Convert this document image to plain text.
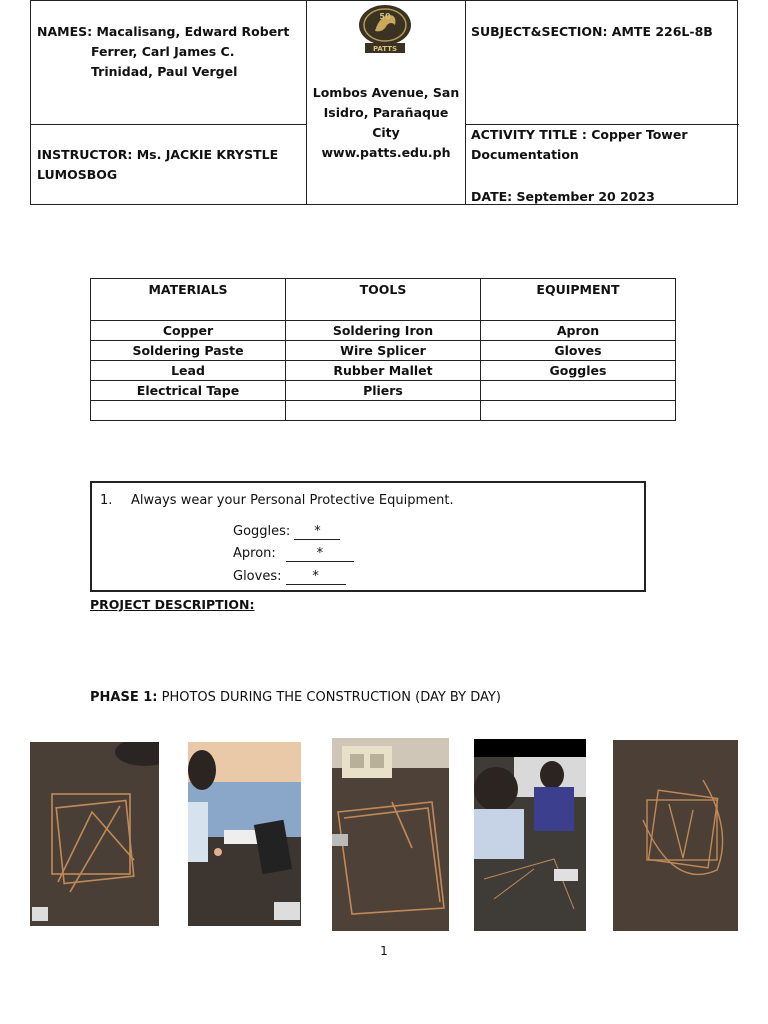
NAMES: Macalisang, Edward Robert
Ferrer, Carl James C.
Trinidad, Paul Vergel
INSTRUCTOR: Ms. JACKIE KRYSTLE LUMOSBOG
50
PATTS
Lombos Avenue, San
Isidro, Parañaque
City
www.patts.edu.ph
SUBJECT&SECTION: AMTE 226L-8B
ACTIVITY TITLE : Copper Tower Documentation
DATE: September 20 2023
MATERIALS	TOOLS	EQUIPMENT
Copper	Soldering Iron	Apron
Soldering Paste	Wire Splicer	Gloves
Lead	Rubber Mallet	Goggles
Electrical Tape	Pliers	

1. Always wear your Personal Protective Equipment.
Goggles: *
Apron:	*
Gloves: *
PROJECT DESCRIPTION:
PHASE 1: PHOTOS DURING THE CONSTRUCTION (DAY BY DAY)
1
